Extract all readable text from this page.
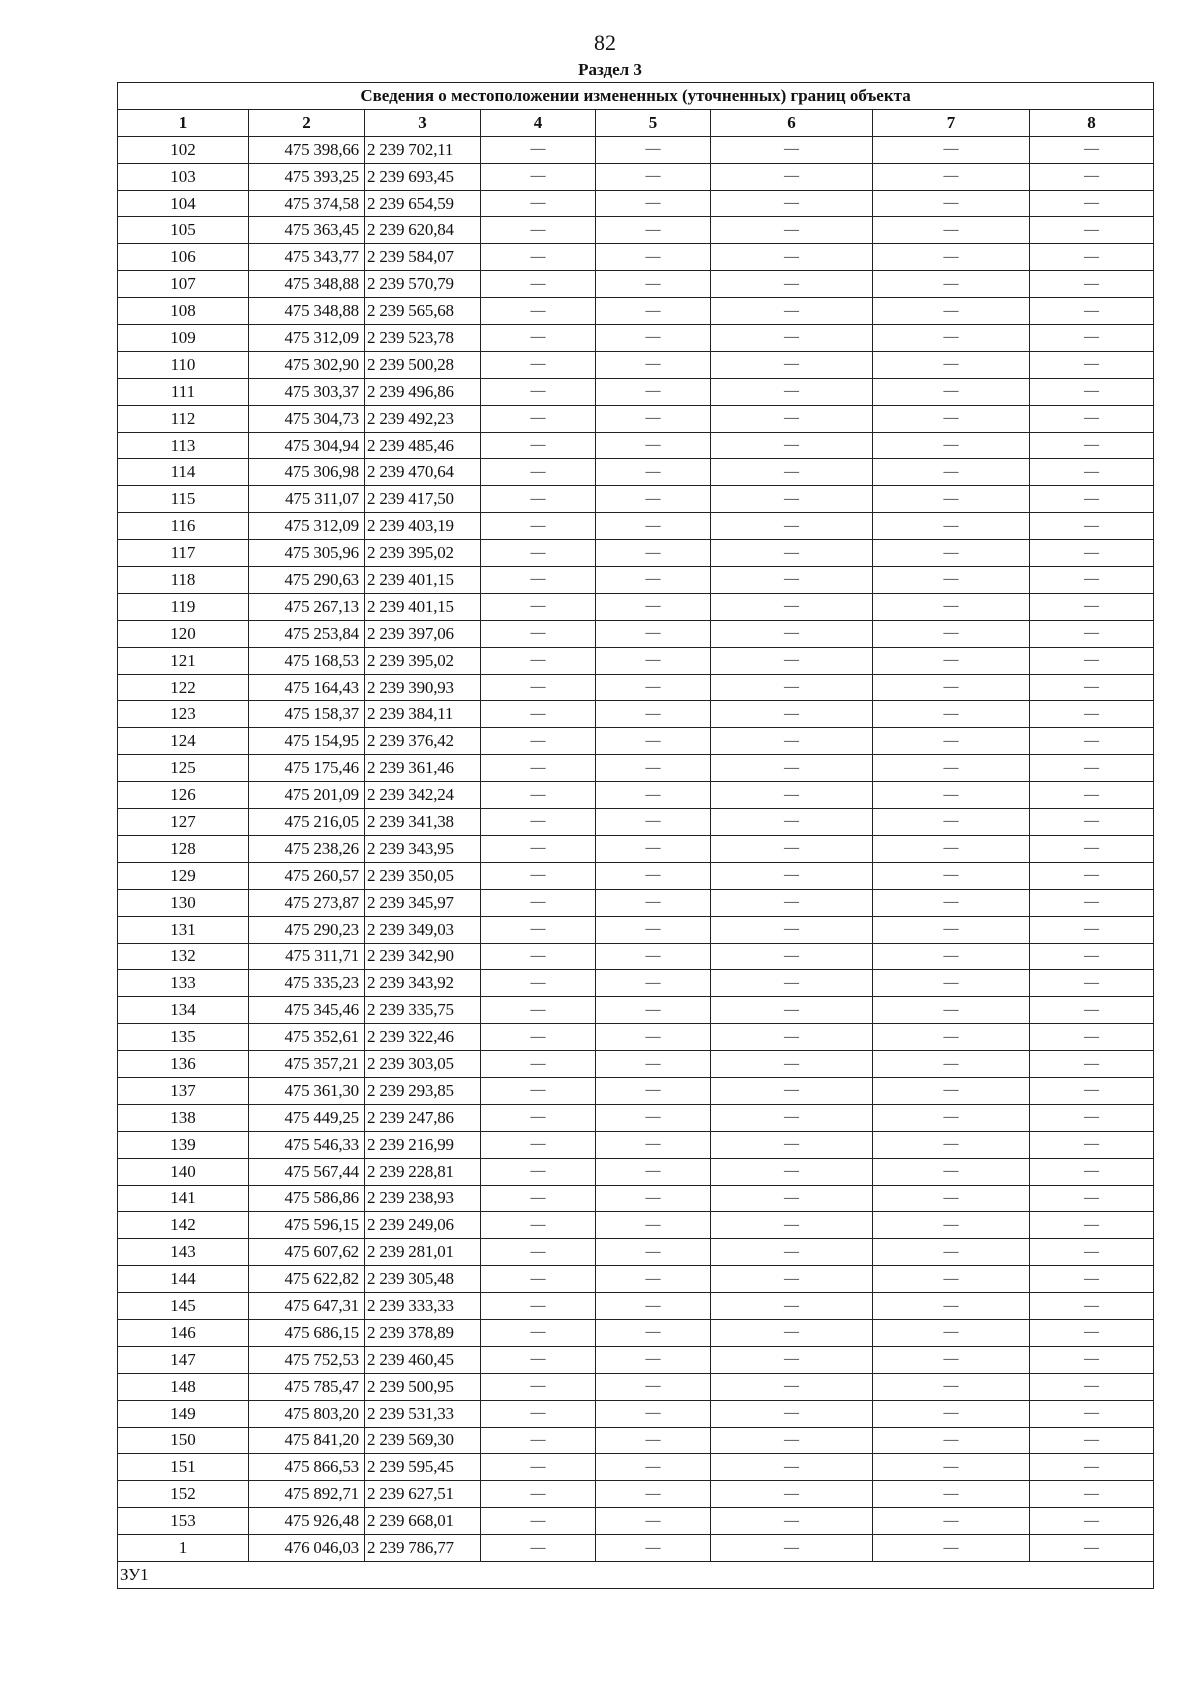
82
Раздел 3
Сведения о местоположении измененных (уточненных) границ объекта							
1	2	3	4	5	6	7	8
102	475 398,66	2 239 702,11	—	—	—	—	—
103	475 393,25	2 239 693,45	—	—	—	—	—
104	475 374,58	2 239 654,59	—	—	—	—	—
105	475 363,45	2 239 620,84	—	—	—	—	—
106	475 343,77	2 239 584,07	—	—	—	—	—
107	475 348,88	2 239 570,79	—	—	—	—	—
108	475 348,88	2 239 565,68	—	—	—	—	—
109	475 312,09	2 239 523,78	—	—	—	—	—
110	475 302,90	2 239 500,28	—	—	—	—	—
111	475 303,37	2 239 496,86	—	—	—	—	—
112	475 304,73	2 239 492,23	—	—	—	—	—
113	475 304,94	2 239 485,46	—	—	—	—	—
114	475 306,98	2 239 470,64	—	—	—	—	—
115	475 311,07	2 239 417,50	—	—	—	—	—
116	475 312,09	2 239 403,19	—	—	—	—	—
117	475 305,96	2 239 395,02	—	—	—	—	—
118	475 290,63	2 239 401,15	—	—	—	—	—
119	475 267,13	2 239 401,15	—	—	—	—	—
120	475 253,84	2 239 397,06	—	—	—	—	—
121	475 168,53	2 239 395,02	—	—	—	—	—
122	475 164,43	2 239 390,93	—	—	—	—	—
123	475 158,37	2 239 384,11	—	—	—	—	—
124	475 154,95	2 239 376,42	—	—	—	—	—
125	475 175,46	2 239 361,46	—	—	—	—	—
126	475 201,09	2 239 342,24	—	—	—	—	—
127	475 216,05	2 239 341,38	—	—	—	—	—
128	475 238,26	2 239 343,95	—	—	—	—	—
129	475 260,57	2 239 350,05	—	—	—	—	—
130	475 273,87	2 239 345,97	—	—	—	—	—
131	475 290,23	2 239 349,03	—	—	—	—	—
132	475 311,71	2 239 342,90	—	—	—	—	—
133	475 335,23	2 239 343,92	—	—	—	—	—
134	475 345,46	2 239 335,75	—	—	—	—	—
135	475 352,61	2 239 322,46	—	—	—	—	—
136	475 357,21	2 239 303,05	—	—	—	—	—
137	475 361,30	2 239 293,85	—	—	—	—	—
138	475 449,25	2 239 247,86	—	—	—	—	—
139	475 546,33	2 239 216,99	—	—	—	—	—
140	475 567,44	2 239 228,81	—	—	—	—	—
141	475 586,86	2 239 238,93	—	—	—	—	—
142	475 596,15	2 239 249,06	—	—	—	—	—
143	475 607,62	2 239 281,01	—	—	—	—	—
144	475 622,82	2 239 305,48	—	—	—	—	—
145	475 647,31	2 239 333,33	—	—	—	—	—
146	475 686,15	2 239 378,89	—	—	—	—	—
147	475 752,53	2 239 460,45	—	—	—	—	—
148	475 785,47	2 239 500,95	—	—	—	—	—
149	475 803,20	2 239 531,33	—	—	—	—	—
150	475 841,20	2 239 569,30	—	—	—	—	—
151	475 866,53	2 239 595,45	—	—	—	—	—
152	475 892,71	2 239 627,51	—	—	—	—	—
153	475 926,48	2 239 668,01	—	—	—	—	—
1	476 046,03	2 239 786,77	—	—	—	—	—
ЗУ1							
